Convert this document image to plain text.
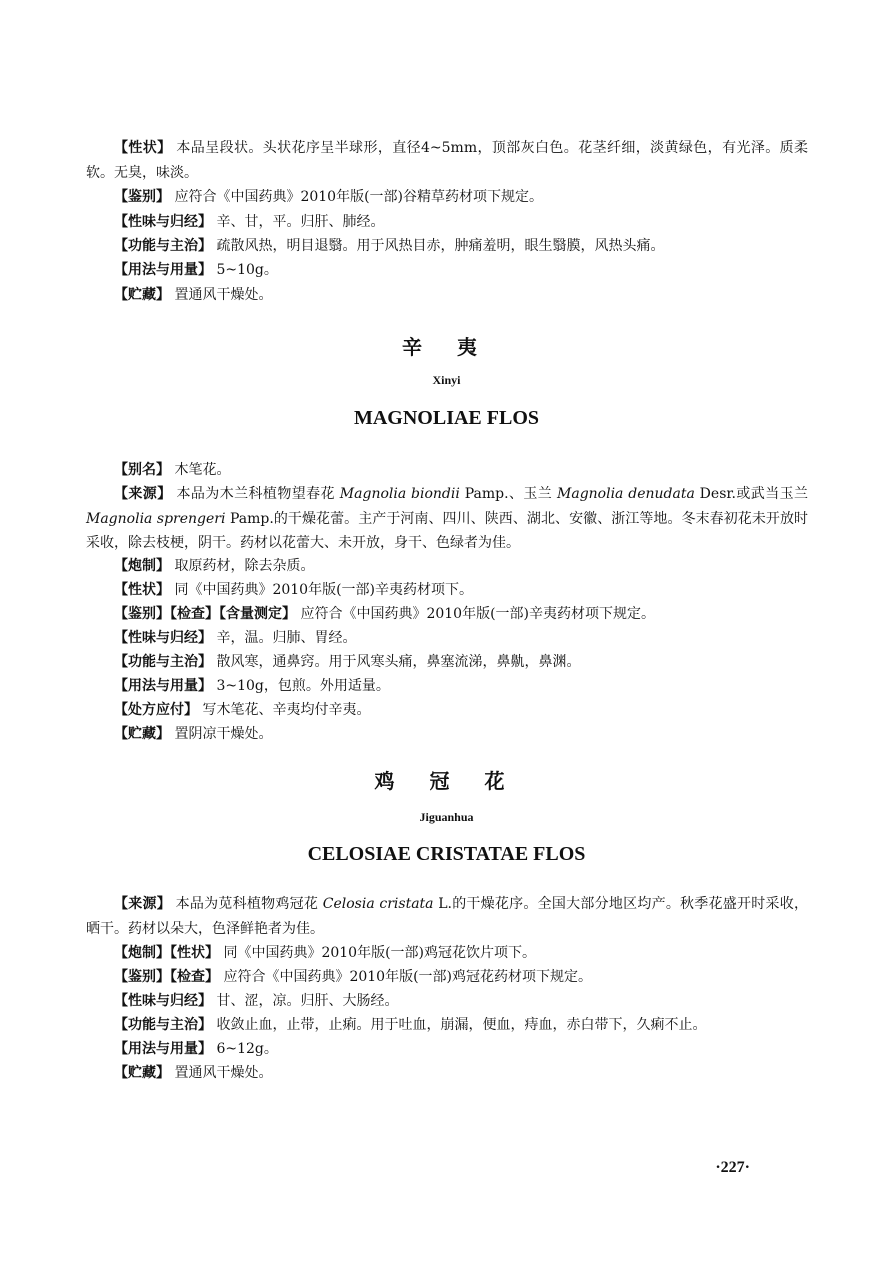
【性状】 本品呈段状。头状花序呈半球形，直径4~5mm，顶部灰白色。花茎纤细，淡黄绿色，有光泽。质柔软。无臭，味淡。

【鉴别】 应符合《中国药典》2010年版(一部)谷精草药材项下规定。

【性味与归经】 辛、甘，平。归肝、肺经。

【功能与主治】 疏散风热，明目退翳。用于风热目赤，肿痛羞明，眼生翳膜，风热头痛。

【用法与用量】 5~10g。

【贮藏】 置通风干燥处。

辛 夷
Xinyi
MAGNOLIAE FLOS

【别名】 木笔花。

【来源】 本品为木兰科植物望春花 Magnolia biondii Pamp.、玉兰 Magnolia denudata Desr.或武当玉兰 Magnolia sprengeri Pamp.的干燥花蕾。主产于河南、四川、陕西、湖北、安徽、浙江等地。冬末春初花未开放时采收，除去枝梗，阴干。药材以花蕾大、未开放，身干、色绿者为佳。

【炮制】 取原药材，除去杂质。

【性状】 同《中国药典》2010年版(一部)辛夷药材项下。

【鉴别】【检查】【含量测定】 应符合《中国药典》2010年版(一部)辛夷药材项下规定。

【性味与归经】 辛，温。归肺、胃经。

【功能与主治】 散风寒，通鼻窍。用于风寒头痛，鼻塞流涕，鼻鼽，鼻渊。

【用法与用量】 3~10g，包煎。外用适量。

【处方应付】 写木笔花、辛夷均付辛夷。

【贮藏】 置阴凉干燥处。

鸡 冠 花
Jiguanhua
CELOSIAE CRISTATAE FLOS

【来源】 本品为苋科植物鸡冠花 Celosia cristata L.的干燥花序。全国大部分地区均产。秋季花盛开时采收，晒干。药材以朵大，色泽鲜艳者为佳。

【炮制】【性状】 同《中国药典》2010年版(一部)鸡冠花饮片项下。

【鉴别】【检查】 应符合《中国药典》2010年版(一部)鸡冠花药材项下规定。

【性味与归经】 甘、涩，凉。归肝、大肠经。

【功能与主治】 收敛止血，止带，止痢。用于吐血，崩漏，便血，痔血，赤白带下，久痢不止。

【用法与用量】 6~12g。

【贮藏】 置通风干燥处。

·227·
